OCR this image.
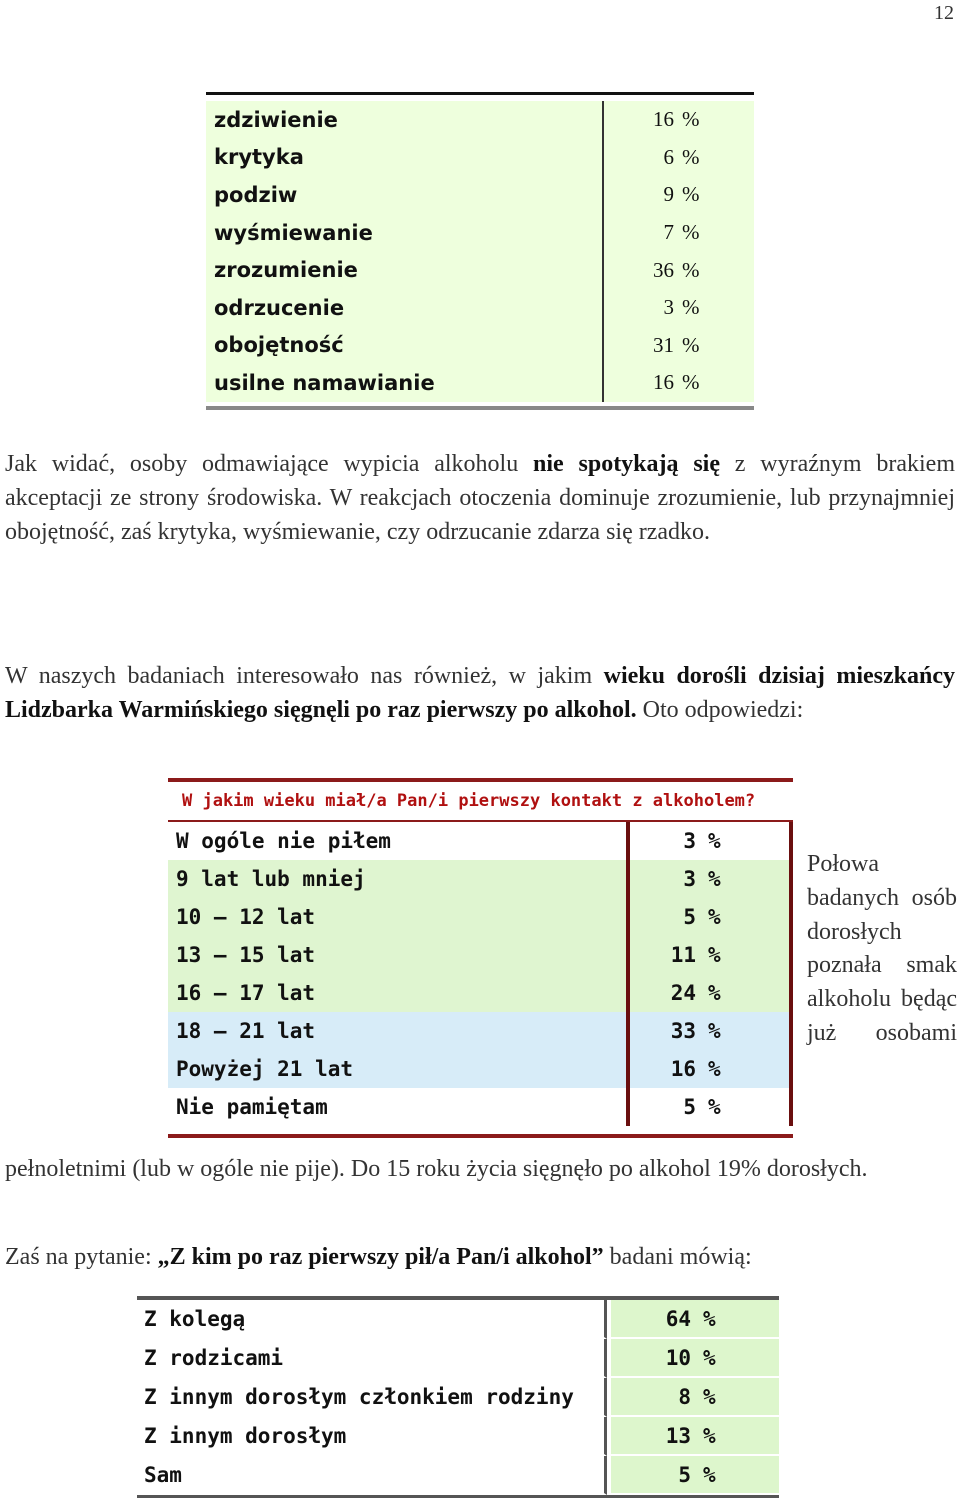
12
zdziwienie	16 %
krytyka	6 %
podziw	9 %
wyśmiewanie	7 %
zrozumienie	36 %
odrzucenie	3 %
obojętność	31 %
usilne namawianie	16 %

Jak widać, osoby odmawiające wypicia alkoholu nie spotykają się z wyraźnym brakiem akceptacji ze strony środowiska. W reakcjach otoczenia dominuje zrozumienie, lub przynajmniej obojętność, zaś krytyka, wyśmiewanie, czy odrzucanie zdarza się rzadko.

W naszych badaniach interesowało nas również, w jakim wieku dorośli dzisiaj mieszkańcy Lidzbarka Warmińskiego sięgnęli po raz pierwszy po alkohol. Oto odpowiedzi:

W jakim wieku miał/a Pan/i pierwszy kontakt z alkoholem?
W ogóle nie piłem	3 %
9 lat lub mniej	3 %
10 – 12 lat	5 %
13 – 15 lat	11 %
16 – 17 lat	24 %
18 – 21 lat	33 %
Powyżej 21 lat	16 %
Nie pamiętam	5 %
Połowa badanych osób dorosłych poznała smak alkoholu będąc już osobami

pełnoletnimi (lub w ogóle nie pije). Do 15 roku życia sięgnęło po alkohol 19% dorosłych.

Zaś na pytanie: „Z kim po raz pierwszy pił/a Pan/i alkohol” badani mówią:

Z kolegą	64 %
Z rodzicami	10 %
Z innym dorosłym członkiem rodziny	8 %
Z innym dorosłym	13 %
Sam	5 %
